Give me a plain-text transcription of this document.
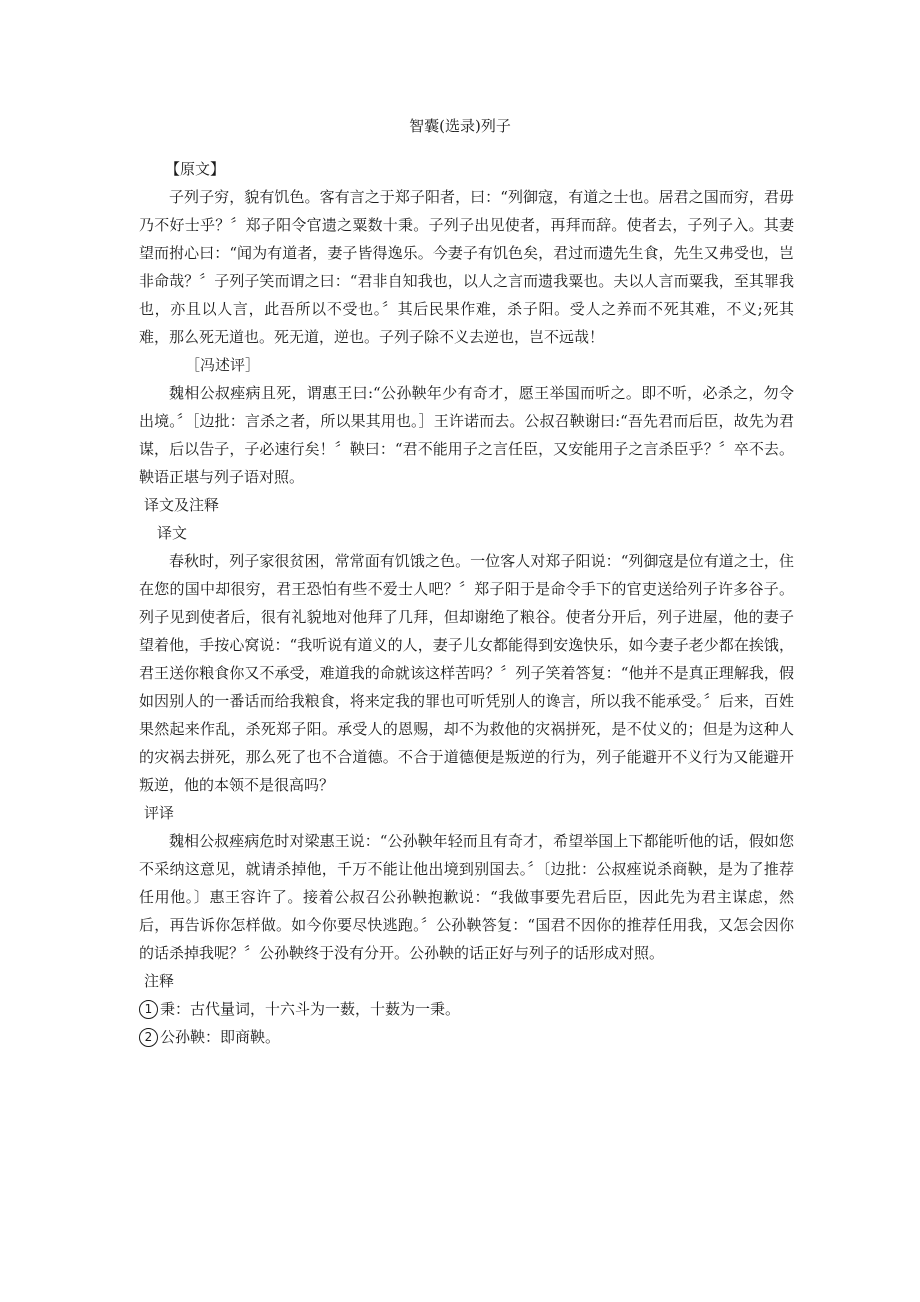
智囊(选录)列子

【原文】

子列子穷，貌有饥色。客有言之于郑子阳者，曰：“列御寇，有道之士也。居君之国而穷，君毋乃不好士乎？〞郑子阳令官遗之粟数十秉。子列子出见使者，再拜而辞。使者去，子列子入。其妻望而拊心曰：“闻为有道者，妻子皆得逸乐。今妻子有饥色矣，君过而遗先生食，先生又弗受也，岂非命哉？〞子列子笑而谓之曰：“君非自知我也，以人之言而遗我粟也。夫以人言而粟我，至其罪我也，亦且以人言，此吾所以不受也。〞其后民果作难，杀子阳。受人之养而不死其难，不义;死其难，那么死无道也。死无道，逆也。子列子除不义去逆也，岂不远哉！

［冯述评］

魏相公叔痤病且死，谓惠王曰:“公孙鞅年少有奇才，愿王举国而听之。即不听，必杀之，勿令出境。〞［边批：言杀之者，所以果其用也。］王许诺而去。公叔召鞅谢曰:“吾先君而后臣，故先为君谋，后以告子，子必速行矣！〞鞅曰：“君不能用子之言任臣，又安能用子之言杀臣乎？〞卒不去。鞅语正堪与列子语对照。

译文及注释

译文

春秋时，列子家很贫困，常常面有饥饿之色。一位客人对郑子阳说：“列御寇是位有道之士，住在您的国中却很穷，君王恐怕有些不爱士人吧？〞郑子阳于是命令手下的官吏送给列子许多谷子。列子见到使者后，很有礼貌地对他拜了几拜，但却谢绝了粮谷。使者分开后，列子进屋，他的妻子望着他，手按心窝说：“我听说有道义的人，妻子儿女都能得到安逸快乐，如今妻子老少都在挨饿，君王送你粮食你又不承受，难道我的命就该这样苦吗？〞列子笑着答复：“他并不是真正理解我，假如因别人的一番话而给我粮食，将来定我的罪也可听凭别人的谗言，所以我不能承受。〞后来，百姓果然起来作乱，杀死郑子阳。承受人的恩赐，却不为救他的灾祸拼死，是不仗义的；但是为这种人的灾祸去拼死，那么死了也不合道德。不合于道德便是叛逆的行为，列子能避开不义行为又能避开叛逆，他的本领不是很高吗？

评译

魏相公叔痤病危时对梁惠王说：“公孙鞅年轻而且有奇才，希望举国上下都能听他的话，假如您不采纳这意见，就请杀掉他，千万不能让他出境到别国去。〞〔边批：公叔痤说杀商鞅，是为了推荐任用他。〕惠王容许了。接着公叔召公孙鞅抱歉说：“我做事要先君后臣，因此先为君主谋虑，然后，再告诉你怎样做。如今你要尽快逃跑。〞公孙鞅答复：“国君不因你的推荐任用我，又怎会因你的话杀掉我呢？〞公孙鞅终于没有分开。公孙鞅的话正好与列子的话形成对照。

注释

1 秉：古代量词，十六斗为一薮，十薮为一秉。

2 公孙鞅：即商鞅。
